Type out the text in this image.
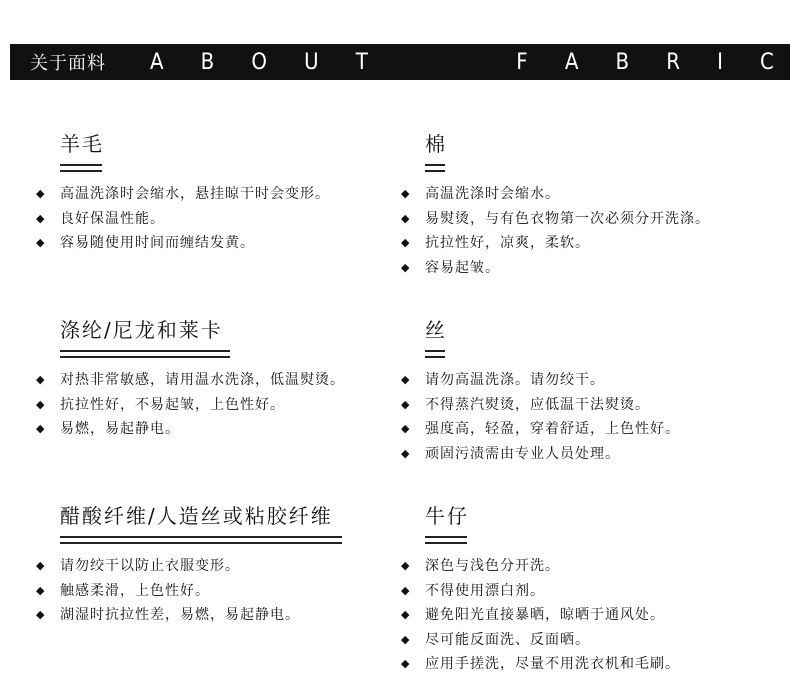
关于面料	A B O U T	F A B R I C
羊毛
◆ 高温洗涤时会缩水，悬挂晾干时会变形。
◆ 良好保温性能。
◆ 容易随使用时间而缠结发黄。
棉
◆ 高温洗涤时会缩水。
◆ 易熨烫，与有色衣物第一次必须分开洗涤。
◆ 抗拉性好，凉爽，柔软。
◆ 容易起皱。
涤纶/尼龙和莱卡
◆ 对热非常敏感，请用温水洗涤，低温熨烫。
◆ 抗拉性好，不易起皱，上色性好。
◆ 易燃，易起静电。
丝
◆ 请勿高温洗涤。请勿绞干。
◆ 不得蒸汽熨烫，应低温干法熨烫。
◆ 强度高，轻盈，穿着舒适，上色性好。
◆ 顽固污渍需由专业人员处理。
醋酸纤维/人造丝或粘胶纤维
◆ 请勿绞干以防止衣服变形。
◆ 触感柔滑，上色性好。
◆ 湖湿时抗拉性差，易燃，易起静电。
牛仔
◆ 深色与浅色分开洗。
◆ 不得使用漂白剂。
◆ 避免阳光直接暴晒，晾晒于通风处。
◆ 尽可能反面洗、反面晒。
◆ 应用手搓洗，尽量不用洗衣机和毛刷。
